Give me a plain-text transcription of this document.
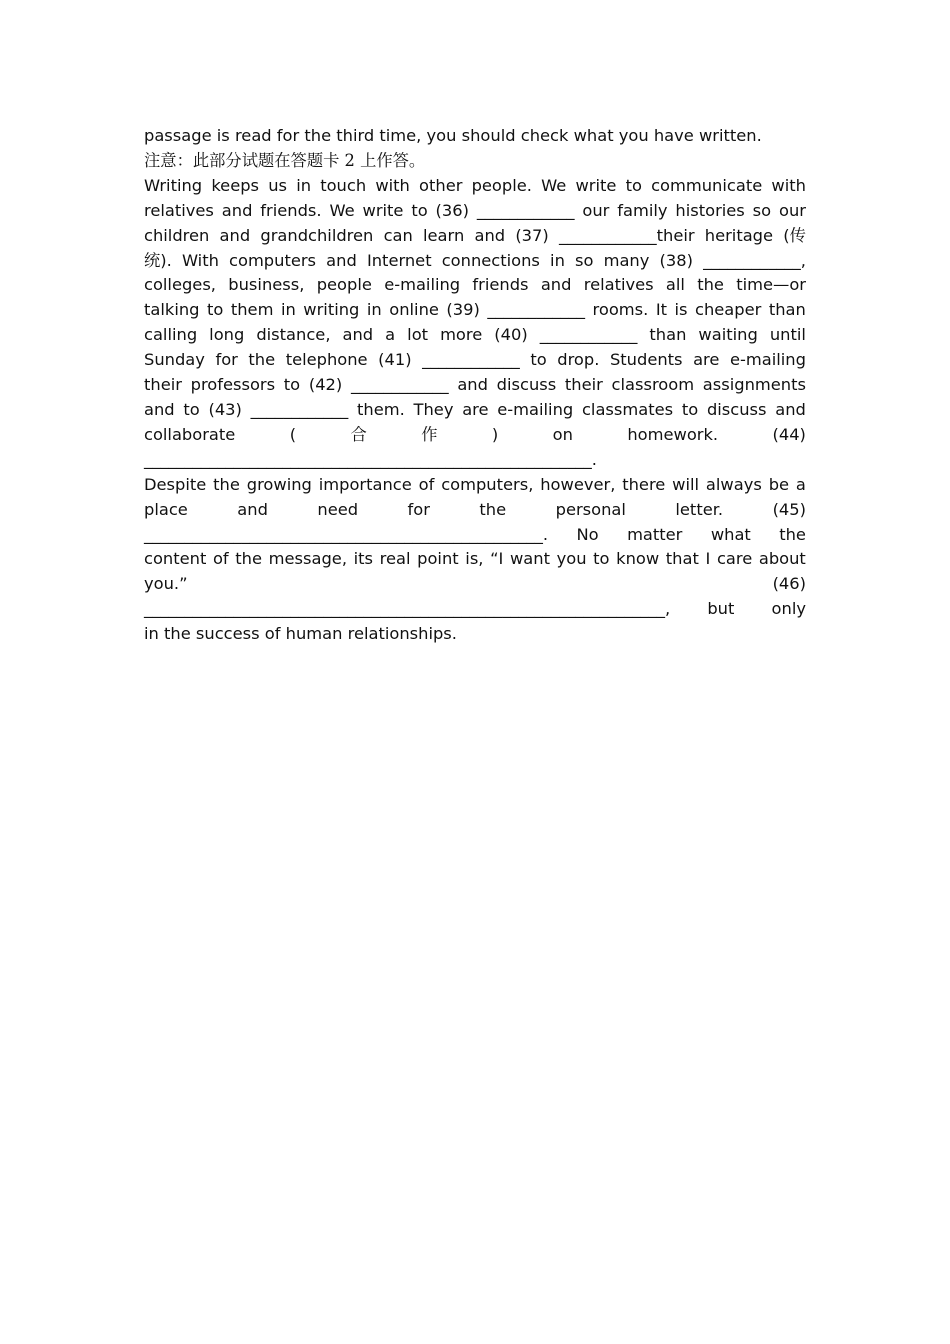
passage is read for the third time, you should check what you have written.
注意：此部分试题在答题卡 2 上作答。
Writing keeps us in touch with other people. We write to communicate with
relatives and friends. We write to (36) ____________ our family histories so our
children and grandchildren can learn and (37) ____________their heritage (传
统). With computers and Internet connections in so many (38) ____________,
colleges, business, people e-mailing friends and relatives all the time—or
talking to them in writing in online (39) ____________ rooms. It is cheaper than
calling long distance, and a lot more (40) ____________ than waiting until
Sunday for the telephone (41) ____________ to drop. Students are e-mailing
their professors to (42) ____________ and discuss their classroom assignments
and to (43) ____________ them. They are e-mailing classmates to discuss and
collaborate	(	合	作	)	on	homework.	(44)
_______________________________________________________.
Despite the growing importance of computers, however, there will always be a
place	and	need	for	the	personal	letter.	(45)
_________________________________________________. No matter what the
content of the message, its real point is, “I want you to know that I care about
you.”	(46)
________________________________________________________________, but only
in the success of human relationships.
